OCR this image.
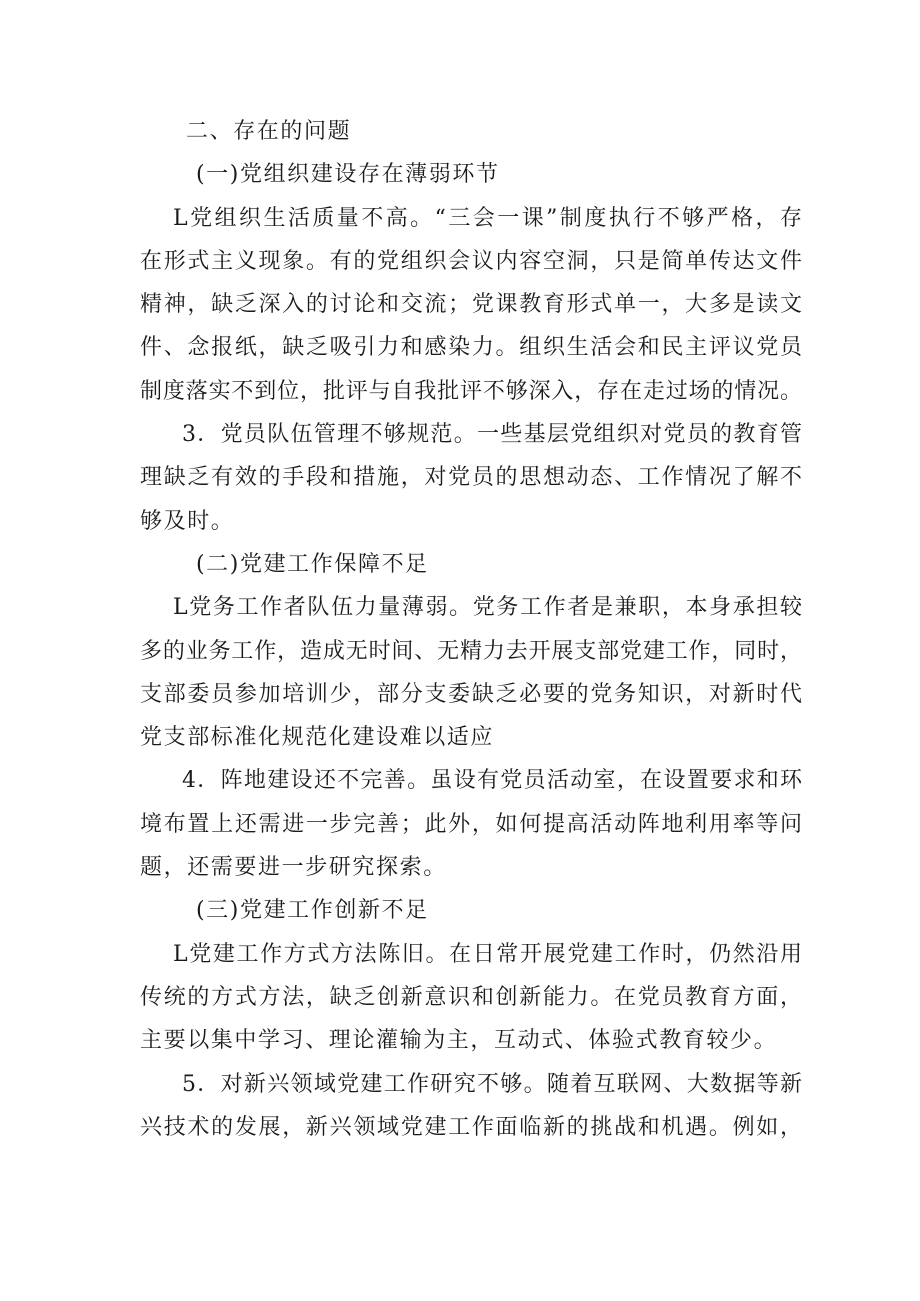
二、存在的问题
(一)党组织建设存在薄弱环节
L党组织生活质量不高。“三会一课”制度执行不够严格，存
在形式主义现象。有的党组织会议内容空洞，只是简单传达文件
精神，缺乏深入的讨论和交流；党课教育形式单一，大多是读文
件、念报纸，缺乏吸引力和感染力。组织生活会和民主评议党员
制度落实不到位，批评与自我批评不够深入，存在走过场的情况。
3．党员队伍管理不够规范。一些基层党组织对党员的教育管
理缺乏有效的手段和措施，对党员的思想动态、工作情况了解不
够及时。
(二)党建工作保障不足
L党务工作者队伍力量薄弱。党务工作者是兼职，本身承担较
多的业务工作，造成无时间、无精力去开展支部党建工作，同时，
支部委员参加培训少，部分支委缺乏必要的党务知识，对新时代
党支部标准化规范化建设难以适应
4．阵地建设还不完善。虽设有党员活动室，在设置要求和环
境布置上还需进一步完善；此外，如何提高活动阵地利用率等问
题，还需要进一步研究探索。
(三)党建工作创新不足
L党建工作方式方法陈旧。在日常开展党建工作时，仍然沿用
传统的方式方法，缺乏创新意识和创新能力。在党员教育方面，
主要以集中学习、理论灌输为主，互动式、体验式教育较少。
5．对新兴领域党建工作研究不够。随着互联网、大数据等新
兴技术的发展，新兴领域党建工作面临新的挑战和机遇。例如，
